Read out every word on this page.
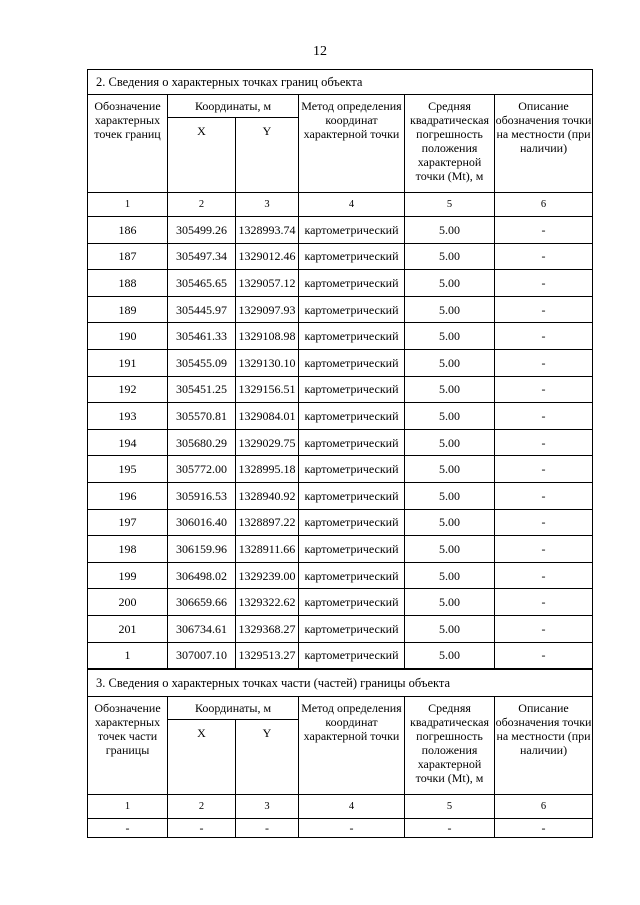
12
2. Сведения о характерных точках границ объекта					
Обозначение характерных точек границ	Координаты, м		Метод определения координат характерной точки	Средняя квадратическая погрешность положения характерной точки (Mt), м	Описание обозначения точки на местности (при наличии)
	X	Y			
1	2	3	4	5	6
186	305499.26	1328993.74	картометрический	5.00	-
187	305497.34	1329012.46	картометрический	5.00	-
188	305465.65	1329057.12	картометрический	5.00	-
189	305445.97	1329097.93	картометрический	5.00	-
190	305461.33	1329108.98	картометрический	5.00	-
191	305455.09	1329130.10	картометрический	5.00	-
192	305451.25	1329156.51	картометрический	5.00	-
193	305570.81	1329084.01	картометрический	5.00	-
194	305680.29	1329029.75	картометрический	5.00	-
195	305772.00	1328995.18	картометрический	5.00	-
196	305916.53	1328940.92	картометрический	5.00	-
197	306016.40	1328897.22	картометрический	5.00	-
198	306159.96	1328911.66	картометрический	5.00	-
199	306498.02	1329239.00	картометрический	5.00	-
200	306659.66	1329322.62	картометрический	5.00	-
201	306734.61	1329368.27	картометрический	5.00	-
1	307007.10	1329513.27	картометрический	5.00	-
3. Сведения о характерных точках части (частей) границы объекта					
Обозначение характерных точек части границы	Координаты, м		Метод определения координат характерной точки	Средняя квадратическая погрешность положения характерной точки (Mt), м	Описание обозначения точки на местности (при наличии)
	X	Y			
1	2	3	4	5	6
-	-	-	-	-	-
